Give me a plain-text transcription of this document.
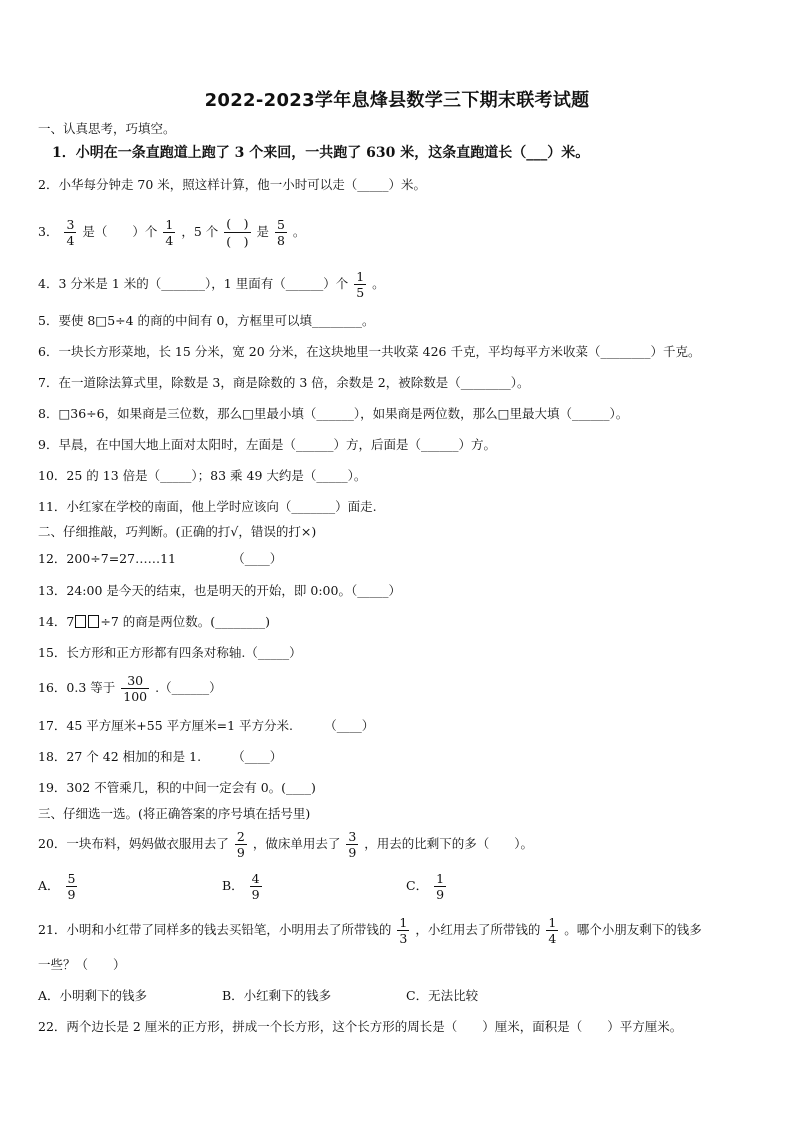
2022-2023学年息烽县数学三下期末联考试题
一、认真思考，巧填空。
1．小明在一条直跑道上跑了 3 个来回，一共跑了 630 米，这条直跑道长（___）米。
2．小华每分钟走 70 米，照这样计算，他一小时可以走（_____）米。
3． $\frac{3}{4}$ 是（　　）个 $\frac{1}{4}$ ，5 个 $\frac{( )}{( )}$ 是 $\frac{5}{8}$ 。
4．3 分米是 1 米的（_______），1 里面有（______）个 $\frac{1}{5}$ 。
5．要使 8□5÷4 的商的中间有 0，方框里可以填________。
6．一块长方形菜地，长 15 分米，宽 20 分米，在这块地里一共收菜 426 千克，平均每平方米收菜（________）千克。
7．在一道除法算式里，除数是 3，商是除数的 3 倍，余数是 2，被除数是（________）。
8．□36÷6，如果商是三位数，那么□里最小填（______），如果商是两位数，那么□里最大填（______）。
9．早晨，在中国大地上面对太阳时，左面是（______）方，后面是（______）方。
10．25 的 13 倍是（_____）；83 乘 49 大约是（_____）。
11．小红家在学校的南面，他上学时应该向（_______）面走.
二、仔细推敲，巧判断。(正确的打√，错误的打×)
12．200÷7=27……11　　　　　（____）
13．24:00 是今天的结束，也是明天的开始，即 0:00。（_____）
14．7 ÷7 的商是两位数。(________)
15．长方形和正方形都有四条对称轴.（_____）
16．0.3 等于 $\frac{30}{100}$ .（______）
17．45 平方厘米+55 平方厘米=1 平方分米.　　　（____）
18．27 个 42 相加的和是 1.　　　（____）
19．302 不管乘几，积的中间一定会有 0。(____)
三、仔细选一选。(将正确答案的序号填在括号里)
20．一块布料，妈妈做衣服用去了 $\frac{2}{9}$ ，做床单用去了 $\frac{3}{9}$ ，用去的比剩下的多（　　）。
A． $\frac{5}{9}$	B． $\frac{4}{9}$	C． $\frac{1}{9}$
21．小明和小红带了同样多的钱去买铅笔，小明用去了所带钱的 $\frac{1}{3}$ ，小红用去了所带钱的 $\frac{1}{4}$ 。哪个小朋友剩下的钱多
一些？（　　）
A．小明剩下的钱多	B．小红剩下的钱多	C．无法比较
22．两个边长是 2 厘米的正方形，拼成一个长方形，这个长方形的周长是（　　）厘米，面积是（　　）平方厘米。
